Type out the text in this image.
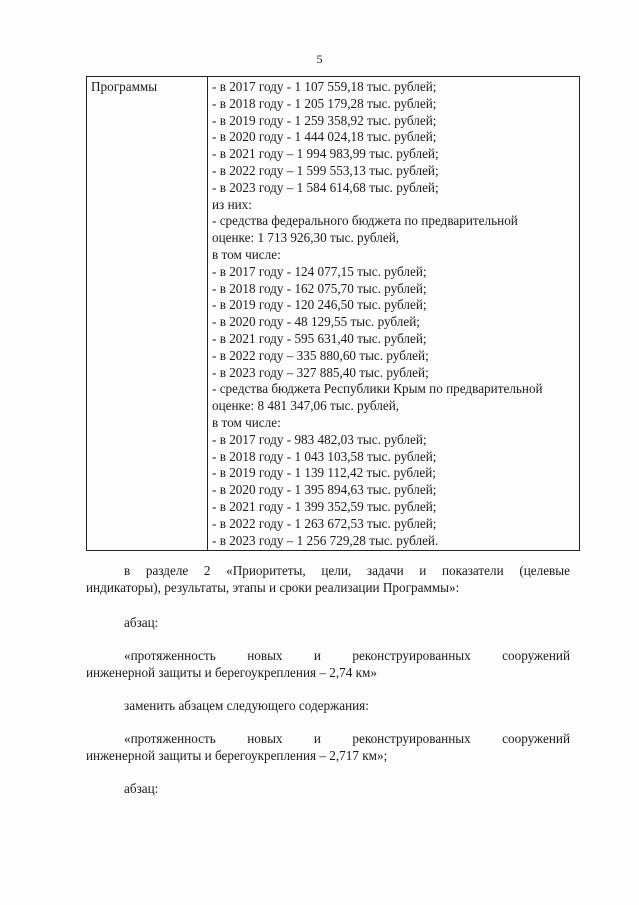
5
Программы	- в 2017 году - 1 107 559,18 тыс. рублей;
- в 2018 году - 1 205 179,28 тыс. рублей;
- в 2019 году - 1 259 358,92 тыс. рублей;
- в 2020 году - 1 444 024,18 тыс. рублей;
- в 2021 году – 1 994 983,99 тыс. рублей;
- в 2022 году – 1 599 553,13 тыс. рублей;
- в 2023 году – 1 584 614,68 тыс. рублей;
из них:
- средства федерального бюджета по предварительной
оценке: 1 713 926,30 тыс. рублей,
в том числе:
- в 2017 году - 124 077,15 тыс. рублей;
- в 2018 году - 162 075,70 тыс. рублей;
- в 2019 году - 120 246,50 тыс. рублей;
- в 2020 году - 48 129,55 тыс. рублей;
- в 2021 году - 595 631,40 тыс. рублей;
- в 2022 году – 335 880,60 тыс. рублей;
- в 2023 году – 327 885,40 тыс. рублей;
- средства бюджета Республики Крым по предварительной
оценке: 8 481 347,06 тыс. рублей,
в том числе:
- в 2017 году - 983 482,03 тыс. рублей;
- в 2018 году - 1 043 103,58 тыс. рублей;
- в 2019 году - 1 139 112,42 тыс. рублей;
- в 2020 году - 1 395 894,63 тыс. рублей;
- в 2021 году - 1 399 352,59 тыс. рублей;
- в 2022 году - 1 263 672,53 тыс. рублей;
- в 2023 году – 1 256 729,28 тыс. рублей.
в разделе 2 «Приоритеты, цели, задачи и показатели (целевые
индикаторы), результаты, этапы и сроки реализации Программы»:
абзац:
«протяженность новых и реконструированных сооружений
инженерной защиты и берегоукрепления – 2,74 км»
заменить абзацем следующего содержания:
«протяженность новых и реконструированных сооружений
инженерной защиты и берегоукрепления – 2,717 км»;
абзац:
